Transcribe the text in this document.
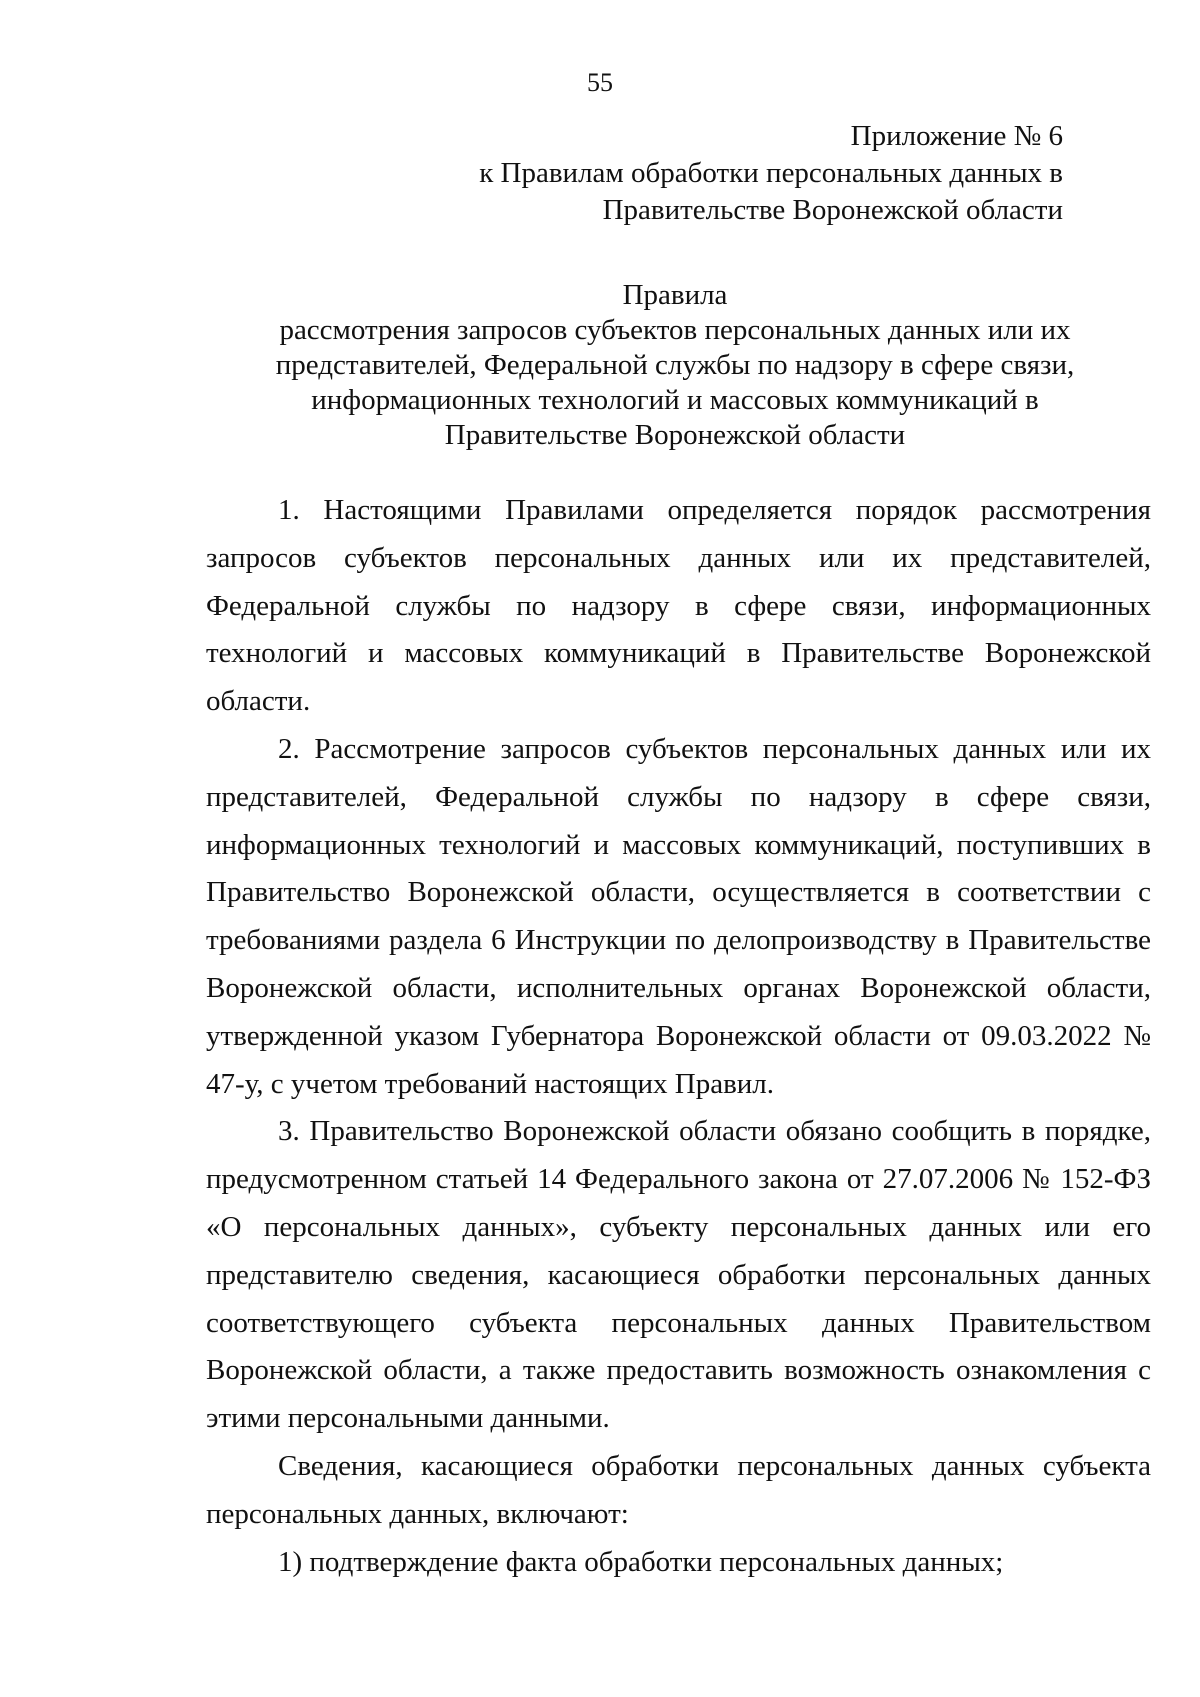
55
Приложение № 6
к Правилам обработки персональных данных в
Правительстве Воронежской области
Правила
рассмотрения запросов субъектов персональных данных или их
представителей, Федеральной службы по надзору в сфере связи,
информационных технологий и массовых коммуникаций в
Правительстве Воронежской области

1. Настоящими Правилами определяется порядок рассмотрения запросов субъектов персональных данных или их представителей, Федеральной службы по надзору в сфере связи, информационных технологий и массовых коммуникаций в Правительстве Воронежской области.

2. Рассмотрение запросов субъектов персональных данных или их представителей, Федеральной службы по надзору в сфере связи, информационных технологий и массовых коммуникаций, поступивших в Правительство Воронежской области, осуществляется в соответствии с требованиями раздела 6 Инструкции по делопроизводству в Правительстве Воронежской области, исполнительных органах Воронежской области, утвержденной указом Губернатора Воронежской области от 09.03.2022 № 47-у, с учетом требований настоящих Правил.

3. Правительство Воронежской области обязано сообщить в порядке, предусмотренном статьей 14 Федерального закона от 27.07.2006 № 152-ФЗ «О персональных данных», субъекту персональных данных или его представителю сведения, касающиеся обработки персональных данных соответствующего субъекта персональных данных Правительством Воронежской области, а также предоставить возможность ознакомления с этими персональными данными.

Сведения, касающиеся обработки персональных данных субъекта персональных данных, включают:

1) подтверждение факта обработки персональных данных;
